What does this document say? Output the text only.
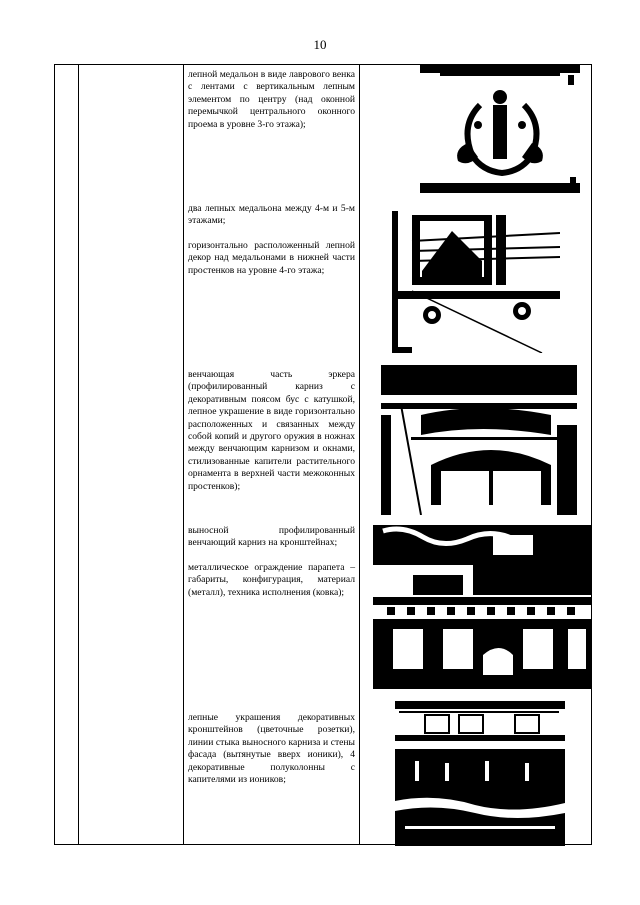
10

лепной медальон в виде лаврового венка с лентами с вертикальным лепным элементом по центру (над оконной перемычкой центрального оконного проема в уровне 3-го этажа);

два лепных медальона между 4-м и 5-м этажами;

горизонтально расположенный лепной декор над медальонами в нижней части простенков на уровне 4-го этажа;

венчающая часть эркера (профилированный карниз с декоративным поясом бус с катушкой, лепное украшение в виде горизонтально расположенных и связанных между собой копий и другого оружия в ножнах между венчающим карнизом и окнами, стилизованные капители растительного орнамента в верхней части межоконных простенков);

выносной профилированный венчающий карниз на кронштейнах;

металлическое ограждение парапета – габариты, конфигурация, материал (металл), техника исполнения (ковка);

лепные украшения декоративных кронштейнов (цветочные розетки), линии стыка выносного карниза и стены фасада (вытянутые вверх ионики), 4 декоративные полуколонны с капителями из иоников;
